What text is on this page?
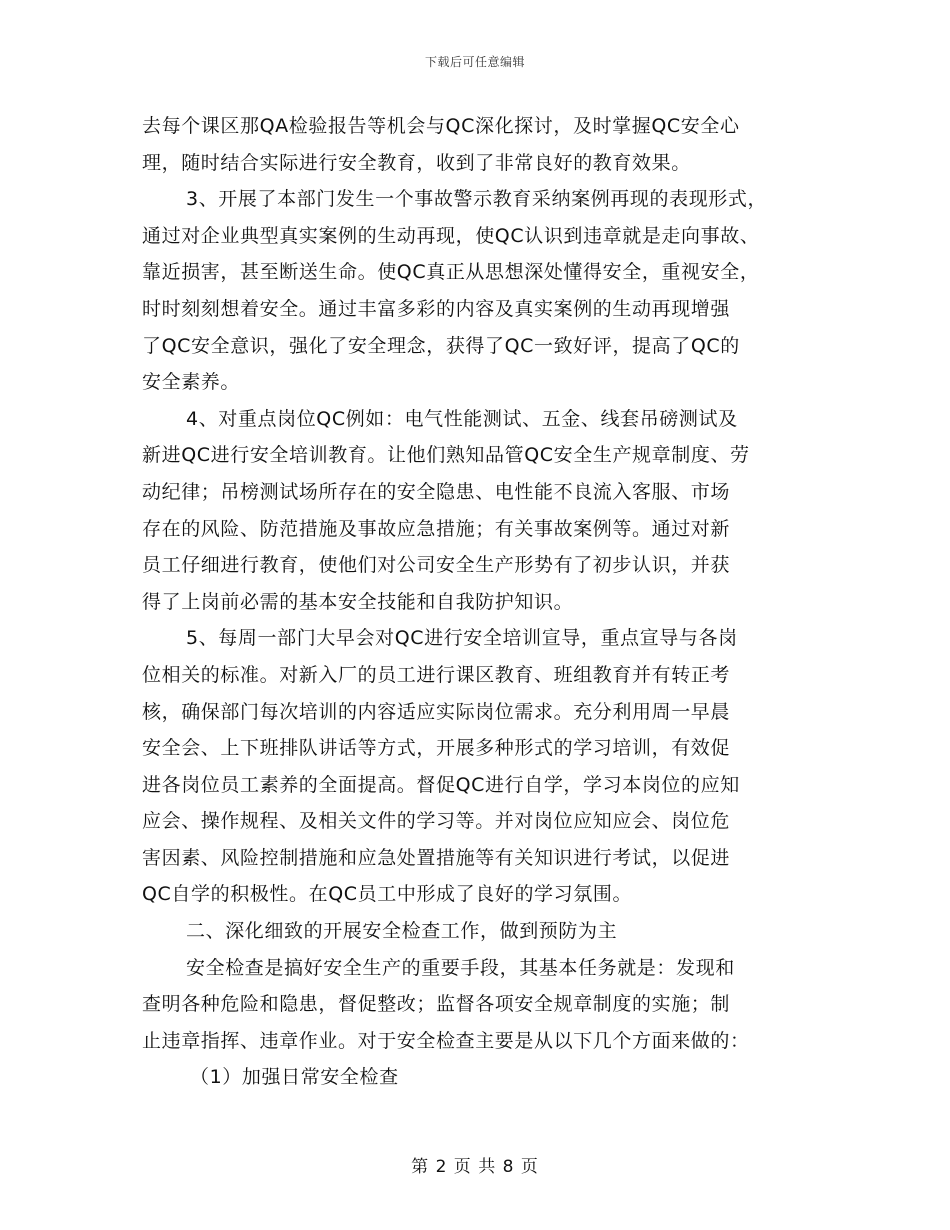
下载后可任意编辑
去每个课区那QA检验报告等机会与QC深化探讨，及时掌握QC安全心
理，随时结合实际进行安全教育，收到了非常良好的教育效果。
3、开展了本部门发生一个事故警示教育采纳案例再现的表现形式，
通过对企业典型真实案例的生动再现，使QC认识到违章就是走向事故、
靠近损害，甚至断送生命。使QC真正从思想深处懂得安全，重视安全，
时时刻刻想着安全。通过丰富多彩的内容及真实案例的生动再现增强
了QC安全意识，强化了安全理念，获得了QC一致好评，提高了QC的
安全素养。
4、对重点岗位QC例如：电气性能测试、五金、线套吊磅测试及
新进QC进行安全培训教育。让他们熟知品管QC安全生产规章制度、劳
动纪律；吊榜测试场所存在的安全隐患、电性能不良流入客服、市场
存在的风险、防范措施及事故应急措施；有关事故案例等。通过对新
员工仔细进行教育，使他们对公司安全生产形势有了初步认识，并获
得了上岗前必需的基本安全技能和自我防护知识。
5、每周一部门大早会对QC进行安全培训宣导，重点宣导与各岗
位相关的标准。对新入厂的员工进行课区教育、班组教育并有转正考
核，确保部门每次培训的内容适应实际岗位需求。充分利用周一早晨
安全会、上下班排队讲话等方式，开展多种形式的学习培训，有效促
进各岗位员工素养的全面提高。督促QC进行自学，学习本岗位的应知
应会、操作规程、及相关文件的学习等。并对岗位应知应会、岗位危
害因素、风险控制措施和应急处置措施等有关知识进行考试，以促进
QC自学的积极性。在QC员工中形成了良好的学习氛围。
二、深化细致的开展安全检查工作，做到预防为主
安全检查是搞好安全生产的重要手段，其基本任务就是：发现和
查明各种危险和隐患，督促整改；监督各项安全规章制度的实施；制
止违章指挥、违章作业。对于安全检查主要是从以下几个方面来做的：
（1）加强日常安全检查
第 2 页 共 8 页
